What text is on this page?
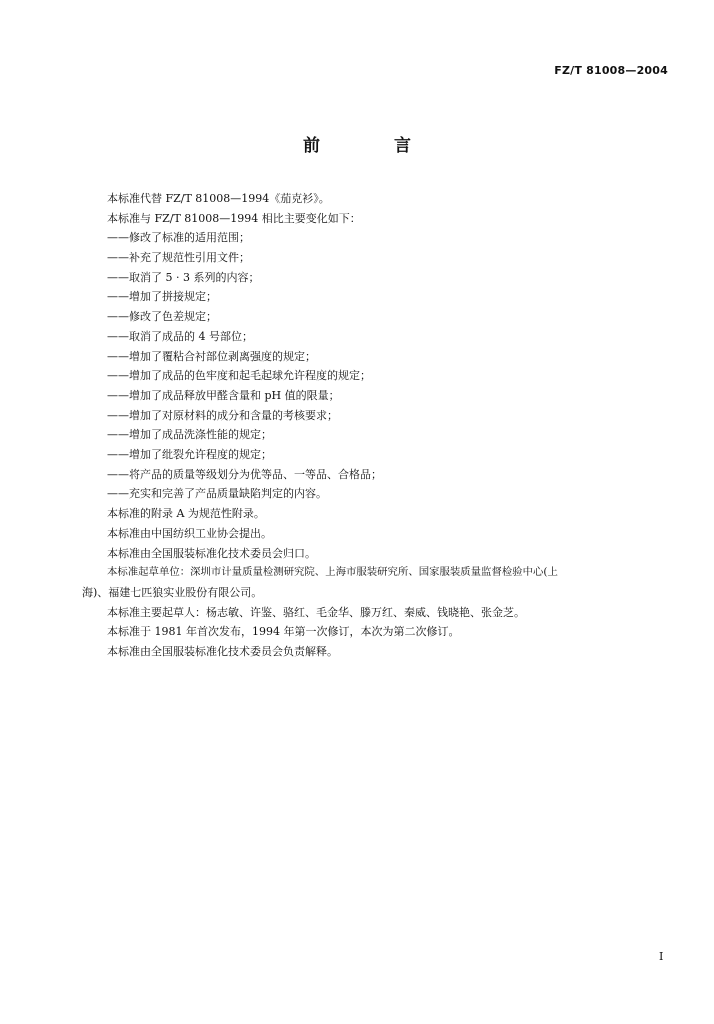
FZ/T 81008—2004
前 言
本标准代替 FZ/T 81008—1994《茄克衫》。
本标准与 FZ/T 81008—1994 相比主要变化如下：
——修改了标准的适用范围；
——补充了规范性引用文件；
——取消了 5 · 3 系列的内容；
——增加了拼接规定；
——修改了色差规定；
——取消了成品的 4 号部位；
——增加了覆粘合衬部位剥离强度的规定；
——增加了成品的色牢度和起毛起球允许程度的规定；
——增加了成品释放甲醛含量和 pH 值的限量；
——增加了对原材料的成分和含量的考核要求；
——增加了成品洗涤性能的规定；
——增加了纰裂允许程度的规定；
——将产品的质量等级划分为优等品、一等品、合格品；
——充实和完善了产品质量缺陷判定的内容。
本标准的附录 A 为规范性附录。
本标准由中国纺织工业协会提出。
本标准由全国服装标准化技术委员会归口。
本标准起草单位：深圳市计量质量检测研究院、上海市服装研究所、国家服装质量监督检验中心(上
海)、福建七匹狼实业股份有限公司。
本标准主要起草人：杨志敏、许鉴、骆红、毛金华、滕万红、秦威、钱晓艳、张金芝。
本标准于 1981 年首次发布，1994 年第一次修订，本次为第二次修订。
本标准由全国服装标准化技术委员会负责解释。
I
